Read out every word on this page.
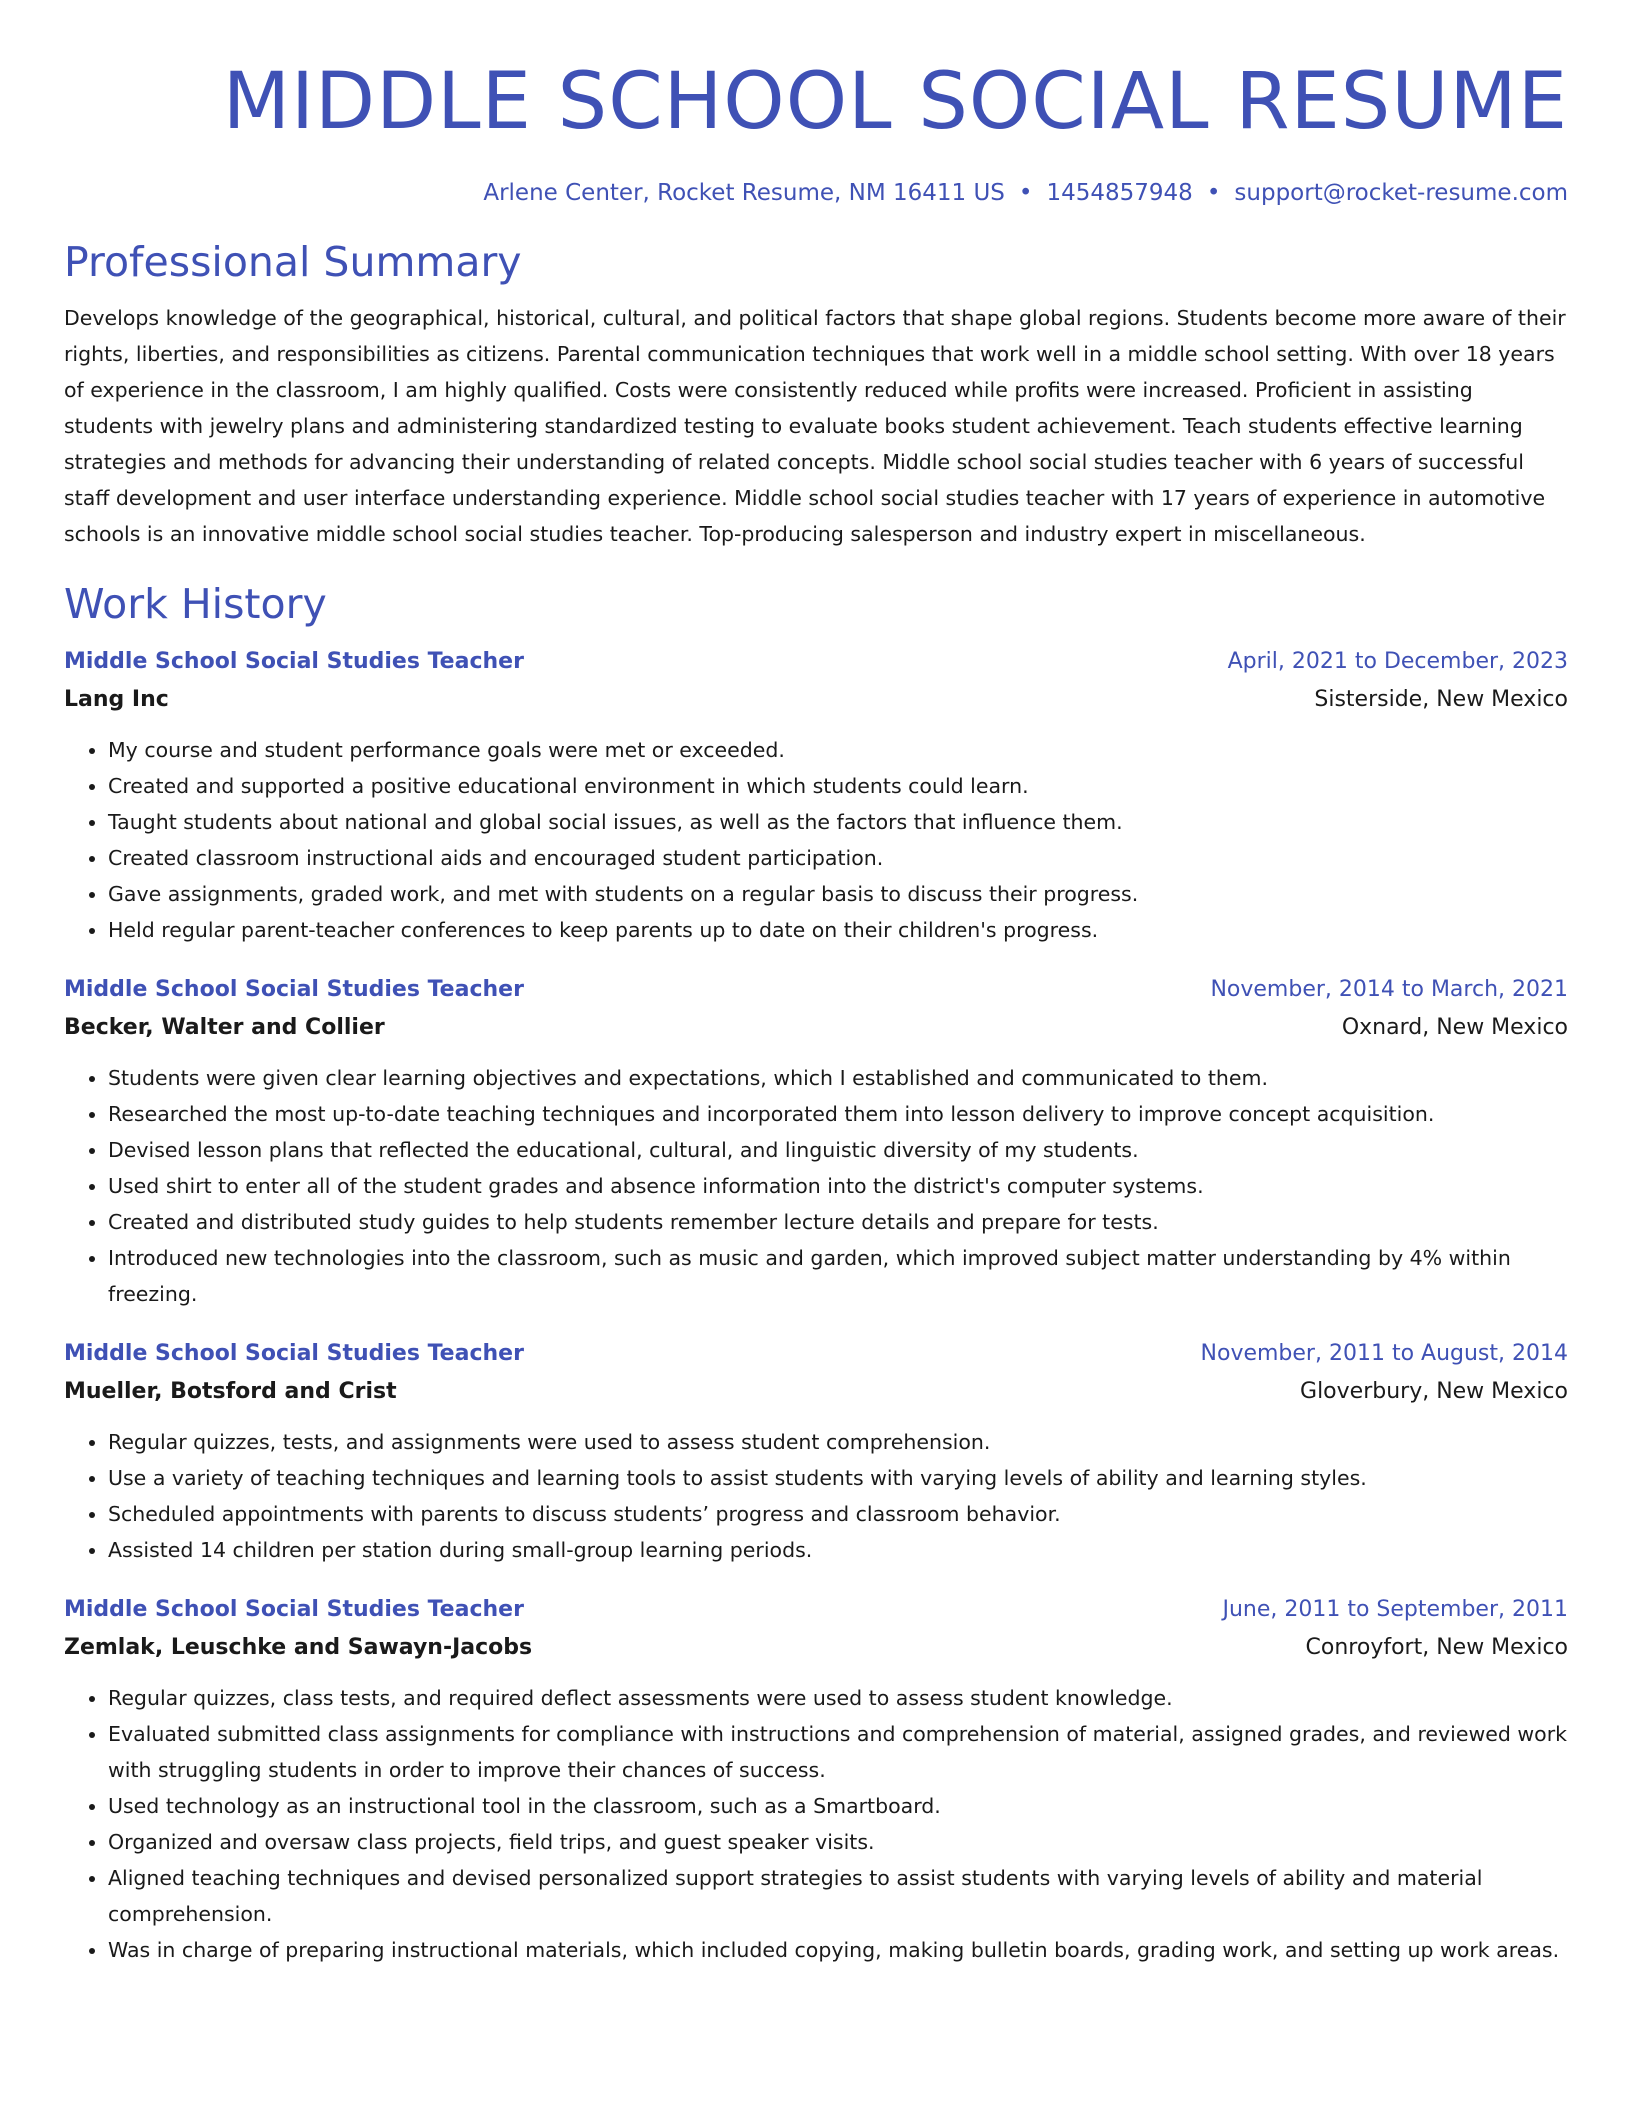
MIDDLE SCHOOL SOCIAL RESUME
Arlene Center, Rocket Resume, NM 16411 US • 1454857948 • support@rocket-resume.com
Professional Summary
Develops knowledge of the geographical, historical, cultural, and political factors that shape global regions. Students become more aware of their rights, liberties, and responsibilities as citizens. Parental communication techniques that work well in a middle school setting. With over 18 years of experience in the classroom, I am highly qualified. Costs were consistently reduced while profits were increased. Proficient in assisting students with jewelry plans and administering standardized testing to evaluate books student achievement. Teach students effective learning strategies and methods for advancing their understanding of related concepts. Middle school social studies teacher with 6 years of successful staff development and user interface understanding experience. Middle school social studies teacher with 17 years of experience in automotive schools is an innovative middle school social studies teacher. Top-producing salesperson and industry expert in miscellaneous.
Work History
Middle School Social Studies Teacher	April, 2021 to December, 2023
Lang Inc	Sisterside, New Mexico
• My course and student performance goals were met or exceeded.
• Created and supported a positive educational environment in which students could learn.
• Taught students about national and global social issues, as well as the factors that influence them.
• Created classroom instructional aids and encouraged student participation.
• Gave assignments, graded work, and met with students on a regular basis to discuss their progress.
• Held regular parent-teacher conferences to keep parents up to date on their children's progress.
Middle School Social Studies Teacher	November, 2014 to March, 2021
Becker, Walter and Collier	Oxnard, New Mexico
• Students were given clear learning objectives and expectations, which I established and communicated to them.
• Researched the most up-to-date teaching techniques and incorporated them into lesson delivery to improve concept acquisition.
• Devised lesson plans that reflected the educational, cultural, and linguistic diversity of my students.
• Used shirt to enter all of the student grades and absence information into the district's computer systems.
• Created and distributed study guides to help students remember lecture details and prepare for tests.
• Introduced new technologies into the classroom, such as music and garden, which improved subject matter understanding by 4% within freezing.
Middle School Social Studies Teacher	November, 2011 to August, 2014
Mueller, Botsford and Crist	Gloverbury, New Mexico
• Regular quizzes, tests, and assignments were used to assess student comprehension.
• Use a variety of teaching techniques and learning tools to assist students with varying levels of ability and learning styles.
• Scheduled appointments with parents to discuss students’ progress and classroom behavior.
• Assisted 14 children per station during small-group learning periods.
Middle School Social Studies Teacher	June, 2011 to September, 2011
Zemlak, Leuschke and Sawayn-Jacobs	Conroyfort, New Mexico
• Regular quizzes, class tests, and required deflect assessments were used to assess student knowledge.
• Evaluated submitted class assignments for compliance with instructions and comprehension of material, assigned grades, and reviewed work with struggling students in order to improve their chances of success.
• Used technology as an instructional tool in the classroom, such as a Smartboard.
• Organized and oversaw class projects, field trips, and guest speaker visits.
• Aligned teaching techniques and devised personalized support strategies to assist students with varying levels of ability and material comprehension.
• Was in charge of preparing instructional materials, which included copying, making bulletin boards, grading work, and setting up work areas.
